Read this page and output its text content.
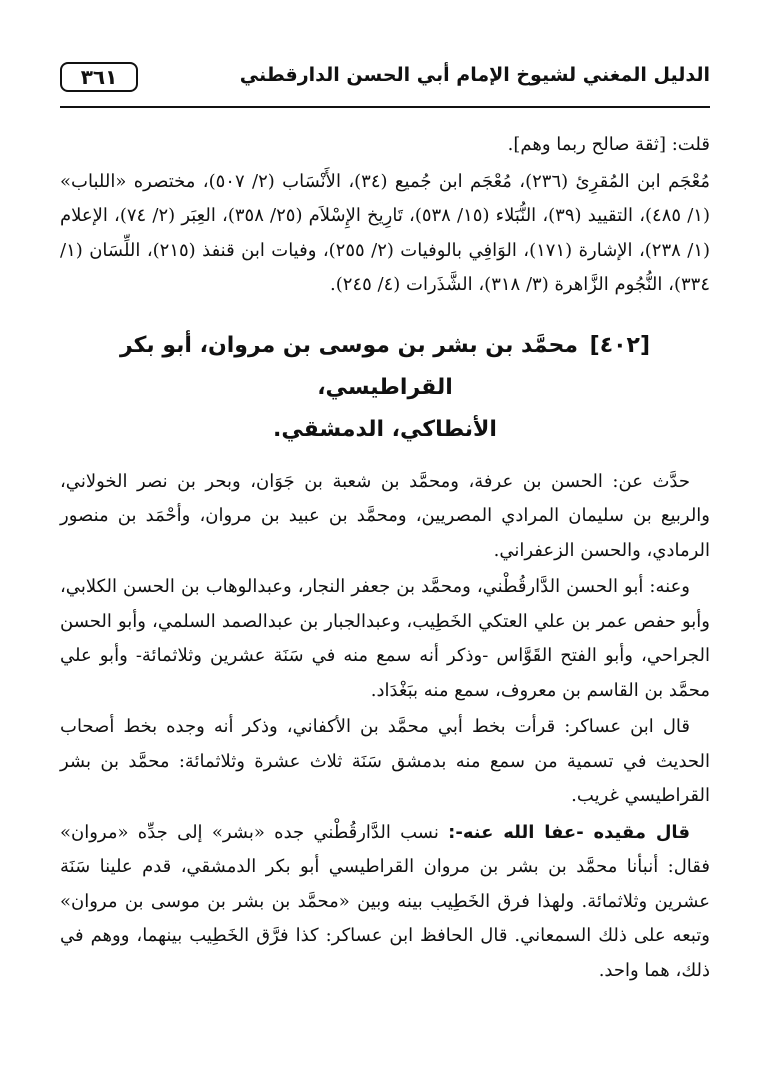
الدليل المغني لشيوخ الإمام أبي الحسن الدارقطني
٣٦١

قلت: [ثقة صالح ربما وهم].

مُعْجَم ابن المُقرِئ (٢٣٦)، مُعْجَم ابن جُميع (٣٤)، الأَنْسَاب (٢/ ٥٠٧)، مختصره «اللباب» (١/ ٤٨٥)، التقييد (٣٩)، النُّبَلاء (١٥/ ٥٣٨)، تَارِيخ الإِسْلاَم (٢٥/ ٣٥٨)، العِبَر (٢/ ٧٤)، الإعلام (١/ ٢٣٨)، الإشارة (١٧١)، الوَافِي بالوفيات (٢/ ٢٥٥)، وفيات ابن قنفذ (٢١٥)، اللِّسَان (١/ ٣٣٤)، النُّجُوم الزَّاهرة (٣/ ٣١٨)، الشَّذَرات (٤/ ٢٤٥).

[٤٠٢] محمَّد بن بشر بن موسى بن مروان، أبو بكر القراطيسي،
الأنطاكي، الدمشقي.

حدَّث عن: الحسن بن عرفة، ومحمَّد بن شعبة بن جَوَان، وبحر بن نصر الخولاني، والربيع بن سليمان المرادي المصريين، ومحمَّد بن عبيد بن مروان، وأحْمَد بن منصور الرمادي، والحسن الزعفراني.

وعنه: أبو الحسن الدَّارقُطْني، ومحمَّد بن جعفر النجار، وعبدالوهاب بن الحسن الكلابي، وأبو حفص عمر بن علي العتكي الخَطِيب، وعبدالجبار بن عبدالصمد السلمي، وأبو الحسن الجراحي، وأبو الفتح القَوَّاس -وذكر أنه سمع منه في سَنَة عشرين وثلاثمائة- وأبو علي محمَّد بن القاسم بن معروف، سمع منه ببَغْدَاد.

قال ابن عساكر: قرأت بخط أبي محمَّد بن الأكفاني، وذكر أنه وجده بخط أصحاب الحديث في تسمية من سمع منه بدمشق سَنَة ثلاث عشرة وثلاثمائة: محمَّد بن بشر القراطيسي غريب.

قال مقيده -عفا الله عنه-: نسب الدَّارقُطْني جده «بشر» إلى جدِّه «مروان» فقال: أنبأنا محمَّد بن بشر بن مروان القراطيسي أبو بكر الدمشقي، قدم علينا سَنَة عشرين وثلاثمائة. ولهذا فرق الخَطِيب بينه وبين «محمَّد بن بشر بن موسى بن مروان» وتبعه على ذلك السمعاني. قال الحافظ ابن عساكر: كذا فرَّق الخَطِيب بينهما، ووهم في ذلك، هما واحد.
